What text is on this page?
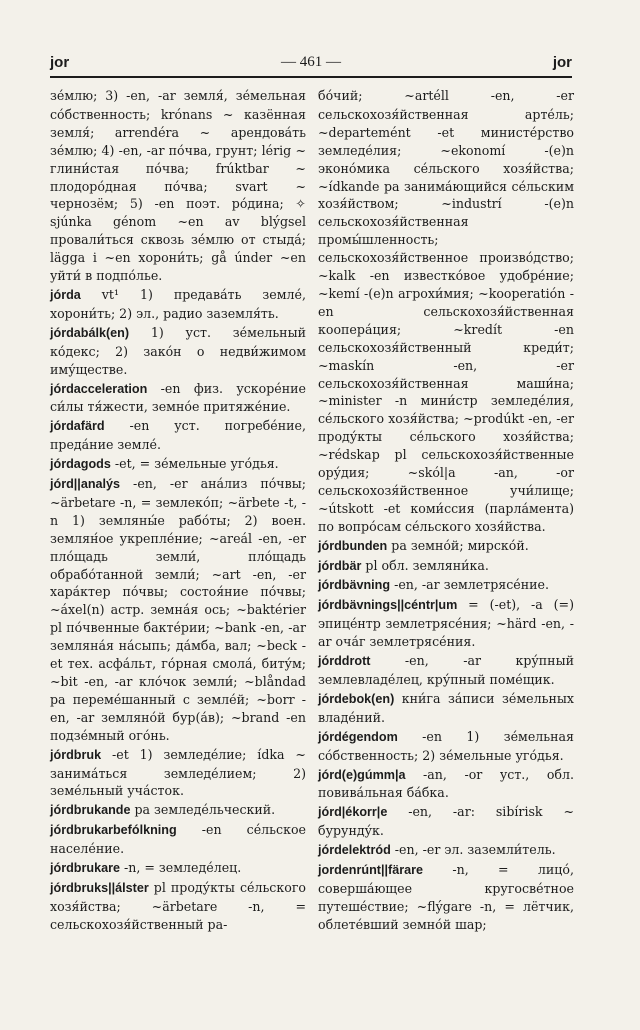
jor	— 461 —	jor

зе́млю; 3) -en, -ar земля́, зе́мельная со́бственность; krónans ~ казённая земля́; arrendéra ~ арендова́ть зе́млю; 4) -en, -ar по́чва, грунт; lérig ~ глини́стая по́чва; frúktbar ~ плодоро́дная по́чва; svart ~ чернозём; 5) -en поэт. ро́дина; ✧ sjúnka génom ~en av blýgsel провали́ться сквозь зе́млю от стыда́; lägga i ~en хорони́ть; gå únder ~en уйти́ в подпо́лье.

jórda vt¹ 1) предава́ть земле́, хорони́ть; 2) эл., радио заземля́ть.

jórdabálk(en) 1) уст. зе́мельный ко́декс; 2) зако́н о недви́жимом иму́ществе.

jórdacceleration -en физ. ускоре́ние си́лы тя́жести, земно́е притяже́ние.

jórdafärd -en уст. погребе́ние, преда́ние земле́.

jórdagods -et, = зе́мельные уго́дья.

jórd||analýs -en, -er ана́лиз по́чвы; ~ärbetare -n, = землеко́п; ~ärbete -t, -n 1) земляны́е рабо́ты; 2) воен. землян́ое укрепле́ние; ~areál -en, -er пло́щадь земли́, пло́щадь обрабо́танной земли́; ~art -en, -er хара́ктер по́чвы; состоя́ние по́чвы; ~áxel(n) астр. земна́я ось; ~baktérier pl по́чвенные бакте́рии; ~bank -en, -ar земляна́я на́сыпь; да́мба, вал; ~beck -et тех. асфа́льт, го́рная смола́, биту́м; ~bit -en, -ar кло́чок земли́; ~blåndad pa переме́шанный с земле́й; ~borr -en, -ar земляно́й бур(а́в); ~brand -en подзе́мный ого́нь.

jórdbruk -et 1) земледе́лие; ídka ~ занима́ться земледе́лием; 2) земе́льный уча́сток.

jórdbrukande pa земледе́льческий.

jórdbrukarbefólkning -en се́льское населе́ние.

jórdbrukare -n, = земледе́лец.

jórdbruks||álster pl проду́кты се́льского хозя́йства; ~ärbetare -n, = сельскохозя́йственный ра-

бо́чий; ~artéll -en, -er сельскохозя́йственная арте́ль; ~departemént -et министе́рство земледе́лия; ~ekonomí -(e)n эконо́мика се́льского хозя́йства; ~ídkande pa занима́ющийся се́льским хозя́йством; ~industrí -(e)n сельскохозя́йственная промы́шленность; сельскохозя́йственное произво́дство; ~kalk -en известко́вое удобре́ние; ~kemí -(e)n агрохи́мия; ~kooperatión -en сельскохозя́йственная коопера́ция; ~kredít -en сельскохозя́йственный креди́т; ~maskín -en, -er сельскохозя́йственная маши́на; ~minister -n мини́стр земледе́лия, се́льского хозя́йства; ~prodúkt -en, -er проду́кты се́льского хозя́йства; ~rédskap pl сельскохозя́йственные ору́дия; ~skól|a -an, -or сельскохозя́йственное учи́лище; ~útskott -et коми́ссия (парла́мента) по вопро́сам се́льского хозя́йства.

jórdbunden pa земно́й; мирско́й.

jórdbär pl обл. земляни́ка.

jórdbävning -en, -ar землетрясе́ние.

jórdbävnings||céntr|um = (-et), -a (=) эпице́нтр землетрясе́ния; ~härd -en, -ar оча́г землетрясе́ния.

jórddrott -en, -ar кру́пный землевладе́лец, кру́пный поме́щик.

jórdebok(en) кни́га за́писи зе́мельных владе́ний.

jórdégendom -en 1) зе́мельная со́бственность; 2) зе́мельные уго́дья.

jórd(e)gúmm|a -an, -or уст., обл. повива́льная ба́бка.

jórd|ékorr|e -en, -ar: sibírisk ~ бурунду́к.

jórdelektród -en, -er эл. заземли́тель.

jordenrúnt||färare -n, = лицо́, соверша́ющее кругосве́тное путеше́ствие; ~flýgare -n, = лётчик, облете́вший земно́й шар;
